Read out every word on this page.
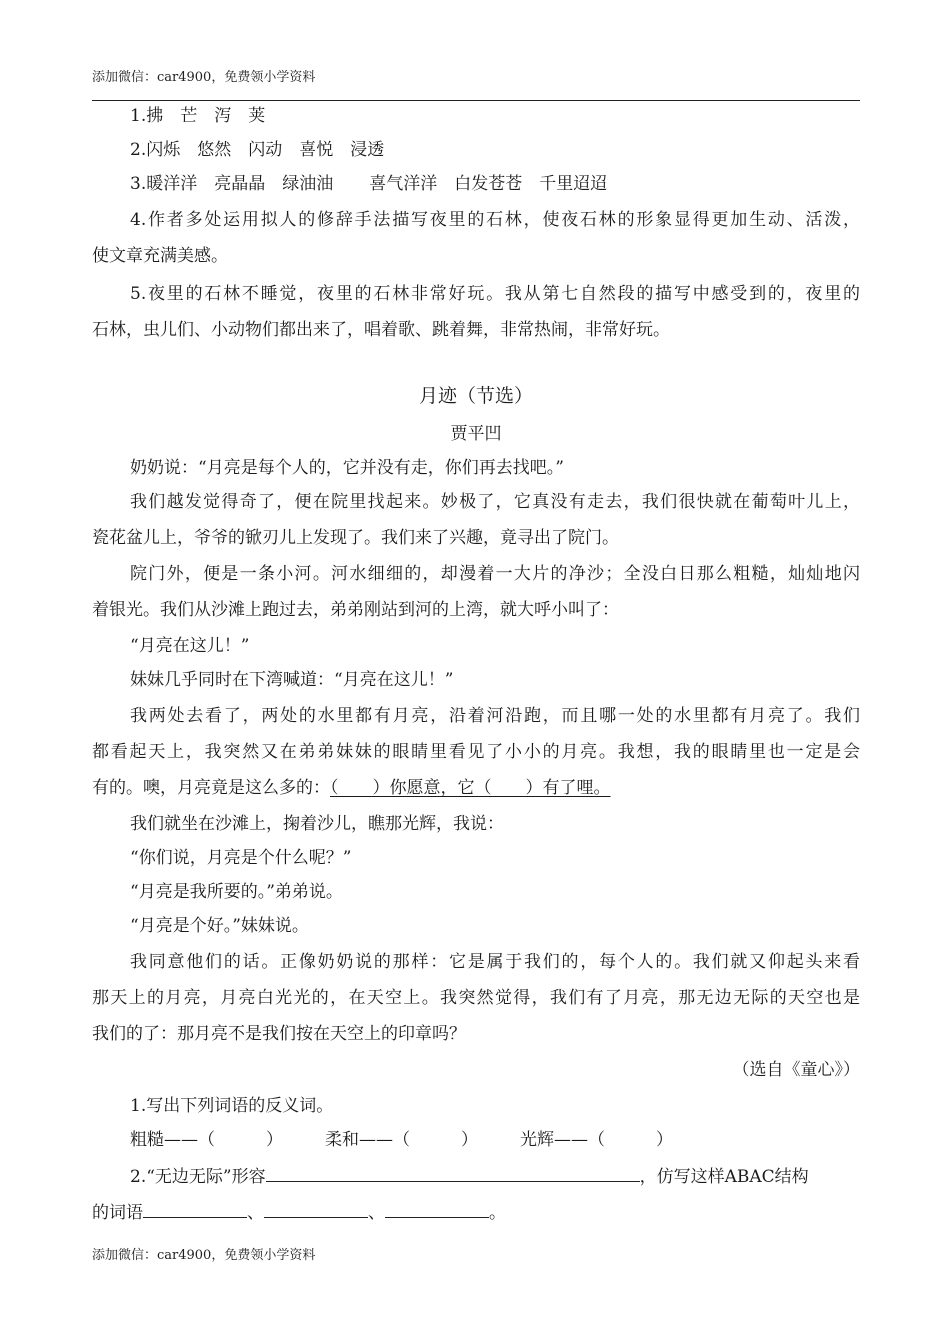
添加微信：car4900，免费领小学资料
1.拂　芒　泻　荚
2.闪烁　悠然　闪动　喜悦　浸透
3.暖洋洋　亮晶晶　绿油油 喜气洋洋　白发苍苍　千里迢迢
4.作者多处运用拟人的修辞手法描写夜里的石林，使夜石林的形象显得更加生动、活泼，
使文章充满美感。
5.夜里的石林不睡觉，夜里的石林非常好玩。我从第七自然段的描写中感受到的，夜里的
石林，虫儿们、小动物们都出来了，唱着歌、跳着舞，非常热闹，非常好玩。
月迹（节选）
贾平凹
奶奶说：“月亮是每个人的，它并没有走，你们再去找吧。”
我们越发觉得奇了，便在院里找起来。妙极了，它真没有走去，我们很快就在葡萄叶儿上，
瓷花盆儿上，爷爷的锨刃儿上发现了。我们来了兴趣，竟寻出了院门。
院门外，便是一条小河。河水细细的，却漫着一大片的净沙；全没白日那么粗糙，灿灿地闪
着银光。我们从沙滩上跑过去，弟弟刚站到河的上湾，就大呼小叫了：
“月亮在这儿！”
妹妹几乎同时在下湾喊道：“月亮在这儿！”
我两处去看了，两处的水里都有月亮，沿着河沿跑，而且哪一处的水里都有月亮了。我们
都看起天上，我突然又在弟弟妹妹的眼睛里看见了小小的月亮。我想，我的眼睛里也一定是会
有的。噢，月亮竟是这么多的：（　　）你愿意，它（　　）有了哩。
我们就坐在沙滩上，掬着沙儿，瞧那光辉，我说：
“你们说，月亮是个什么呢？”
“月亮是我所要的。”弟弟说。
“月亮是个好。”妹妹说。
我同意他们的话。正像奶奶说的那样：它是属于我们的，每个人的。我们就又仰起头来看
那天上的月亮，月亮白光光的，在天空上。我突然觉得，我们有了月亮，那无边无际的天空也是
我们的了：那月亮不是我们按在天空上的印章吗？
（选自《童心》）
1.写出下列词语的反义词。
粗糙——（　　　） 柔和——（　　　） 光辉——（　　　）
2.“无边无际”形容	，仿写这样ABAC结构
的词语	、	、	。
添加微信：car4900，免费领小学资料
